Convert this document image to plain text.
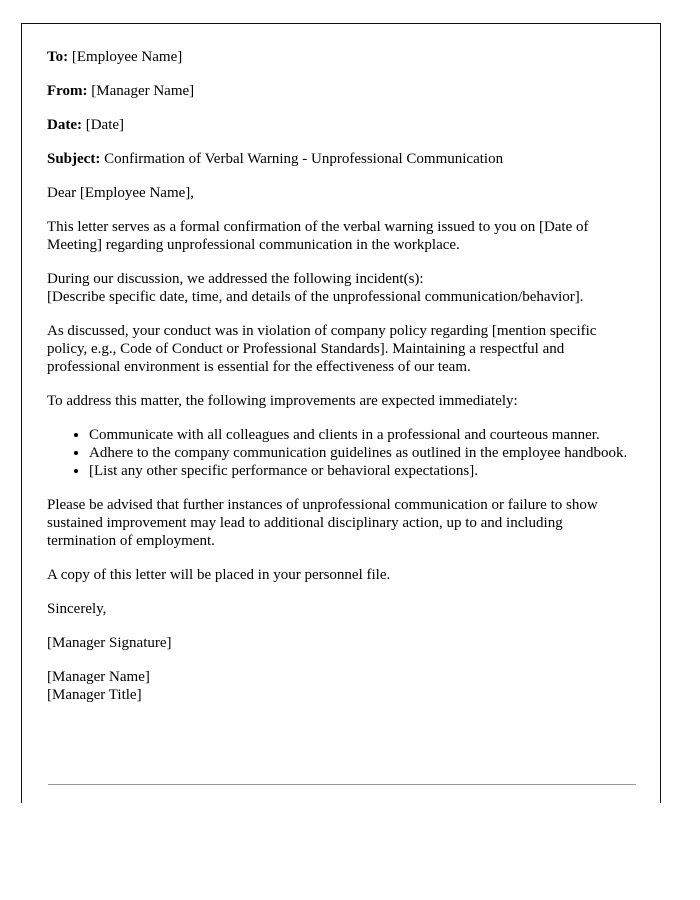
To: [Employee Name]
From: [Manager Name]
Date: [Date]
Subject: Confirmation of Verbal Warning - Unprofessional Communication

Dear [Employee Name],

This letter serves as a formal confirmation of the verbal warning issued to you on [Date of Meeting] regarding unprofessional communication in the workplace.

During our discussion, we addressed the following incident(s):
[Describe specific date, time, and details of the unprofessional communication/behavior].

As discussed, your conduct was in violation of company policy regarding [mention specific policy, e.g., Code of Conduct or Professional Standards]. Maintaining a respectful and professional environment is essential for the effectiveness of our team.

To address this matter, the following improvements are expected immediately:

• Communicate with all colleagues and clients in a professional and courteous manner.
• Adhere to the company communication guidelines as outlined in the employee handbook.
• [List any other specific performance or behavioral expectations].

Please be advised that further instances of unprofessional communication or failure to show sustained improvement may lead to additional disciplinary action, up to and including termination of employment.

A copy of this letter will be placed in your personnel file.

Sincerely,

[Manager Signature]

[Manager Name]
[Manager Title]
